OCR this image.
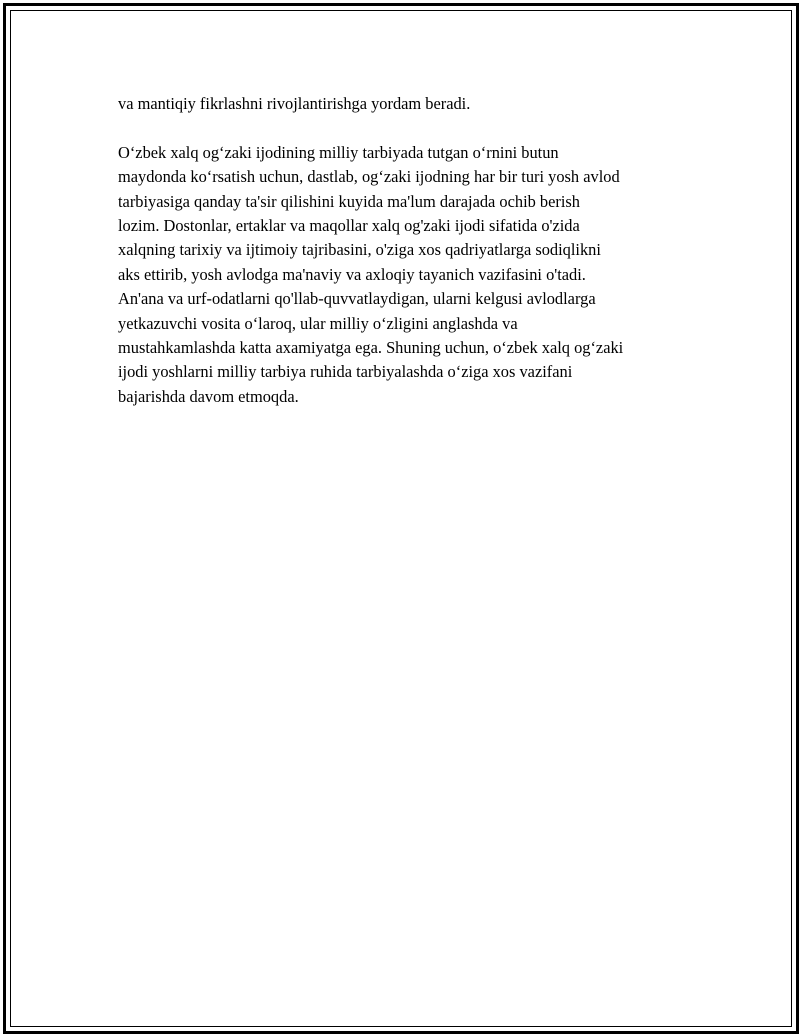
va mantiqiy fikrlashni rivojlantirishga yordam beradi.

O‘zbek xalq og‘zaki ijodining milliy tarbiyada tutgan o‘rnini butun
maydonda ko‘rsatish uchun, dastlab, og‘zaki ijodning har bir turi yosh avlod
tarbiyasiga qanday ta'sir qilishini kuyida ma'lum darajada ochib berish
lozim. Dostonlar, ertaklar va maqollar xalq og'zaki ijodi sifatida o'zida
xalqning tarixiy va ijtimoiy tajribasini, o'ziga xos qadriyatlarga sodiqlikni
aks ettirib, yosh avlodga ma'naviy va axloqiy tayanich vazifasini o'tadi.
An'ana va urf-odatlarni qo'llab-quvvatlaydigan, ularni kelgusi avlodlarga
yetkazuvchi vosita o‘laroq, ular milliy o‘zligini anglashda va
mustahkamlashda katta axamiyatga ega. Shuning uchun, o‘zbek xalq og‘zaki
ijodi yoshlarni milliy tarbiya ruhida tarbiyalashda o‘ziga xos vazifani
bajarishda davom etmoqda.
